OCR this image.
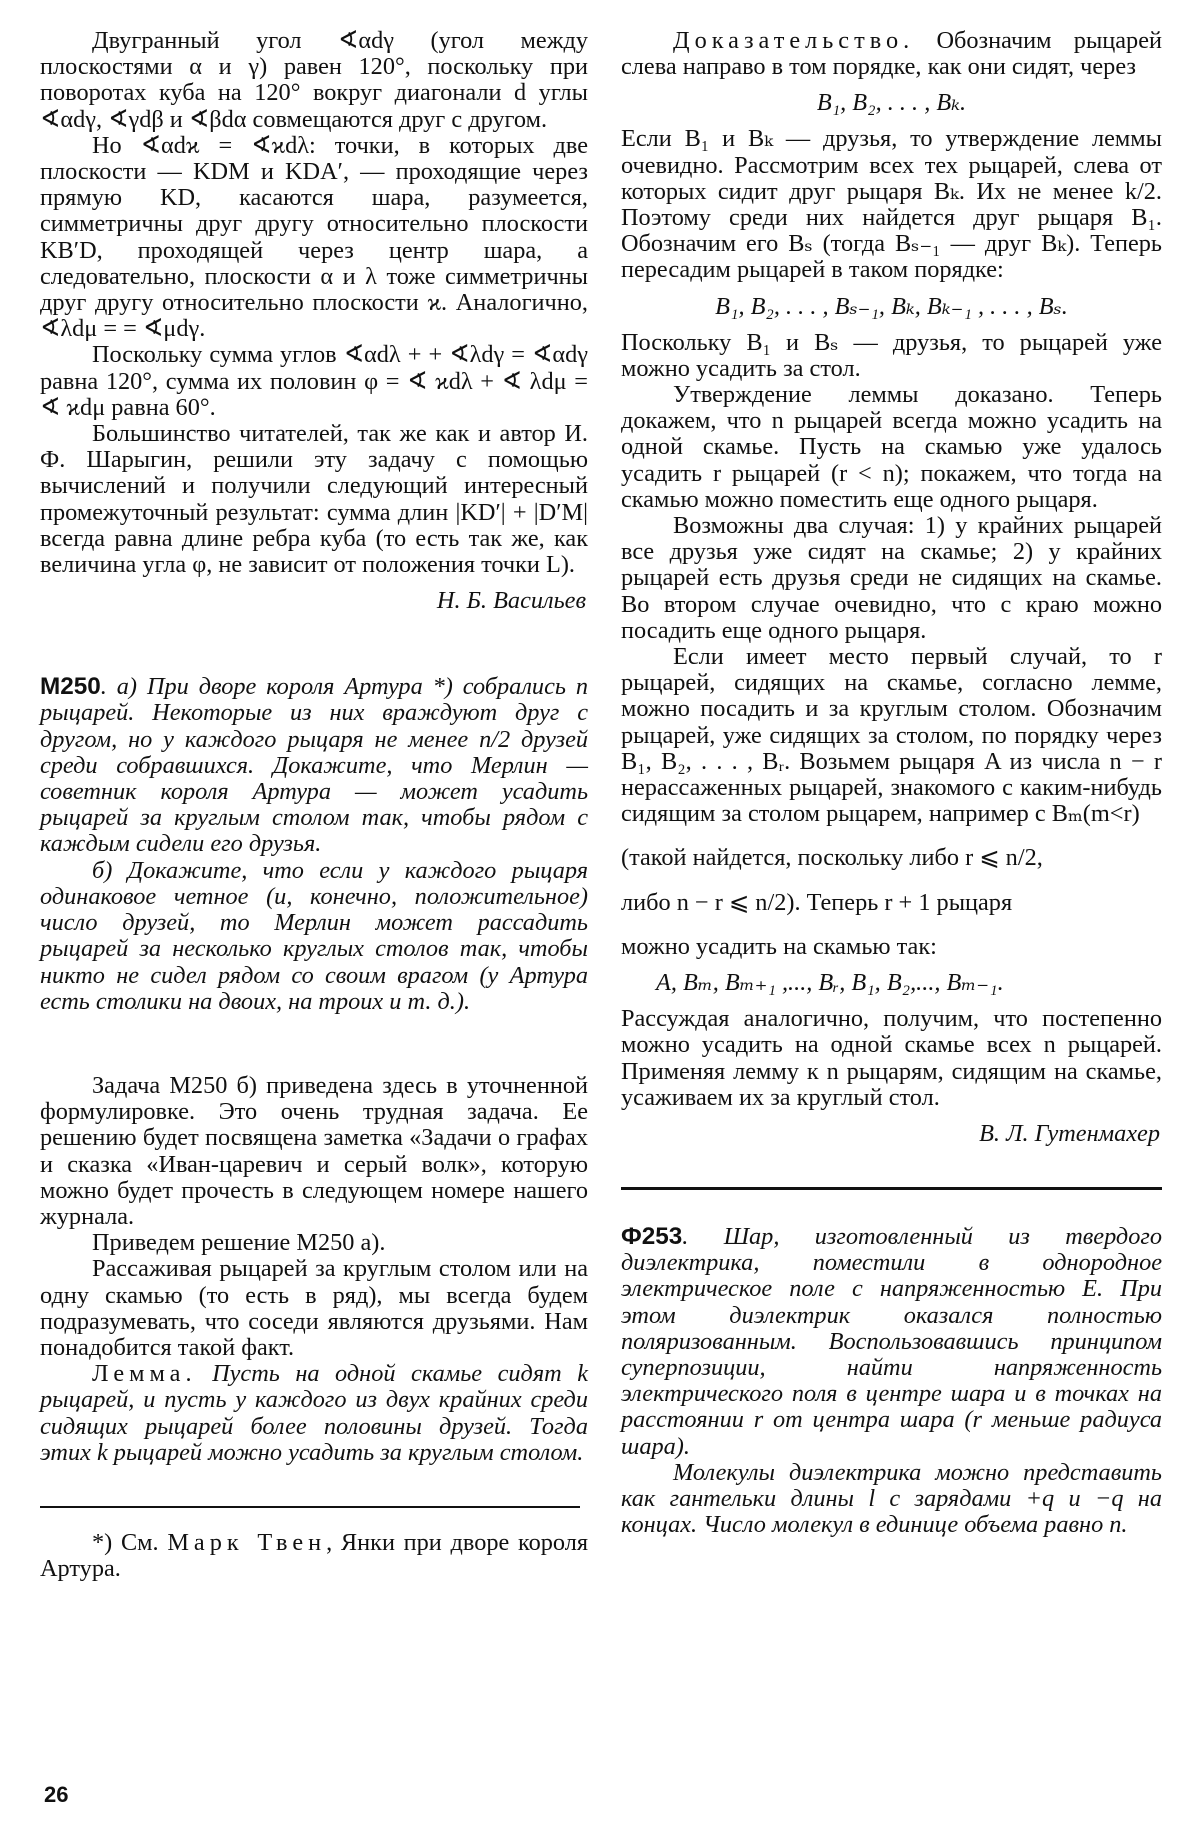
Двугранный угол ∢αdγ (угол между плоскостями α и γ) равен 120°, поскольку при поворотах куба на 120° вокруг диагонали d углы ∢αdγ, ∢γdβ и ∢βdα совмещаются друг с другом.

Но ∢αdϰ = ∢ϰdλ: точки, в которых две плоскости — KDM и KDA′, — проходящие через прямую KD, касаются шара, разумеется, симметричны друг другу относительно плоскости KB′D, проходящей через центр шара, а следовательно, плоскости α и λ тоже симметричны друг другу относительно плоскости ϰ. Аналогично, ∢λdμ = = ∢μdγ.

Поскольку сумма углов ∢αdλ + + ∢λdγ = ∢αdγ равна 120°, сумма их половин φ = ∢ ϰdλ + ∢ λdμ = ∢ ϰdμ равна 60°.

Большинство читателей, так же как и автор И. Ф. Шарыгин, решили эту задачу с помощью вычислений и получили следующий интересный промежуточный результат: сумма длин |KD′| + |D′M| всегда равна длине ребра куба (то есть так же, как величина угла φ, не зависит от положения точки L).

Н. Б. Васильев

М250. а) При дворе короля Артура *) собрались n рыцарей. Некоторые из них враждуют друг с другом, но у каждого рыцаря не менее n/2 друзей среди собравшихся. Докажите, что Мерлин — советник короля Артура — может усадить рыцарей за круглым столом так, чтобы рядом с каждым сидели его друзья.

б) Докажите, что если у каждого рыцаря одинаковое четное (и, конечно, положительное) число друзей, то Мерлин может рассадить рыцарей за несколько круглых столов так, чтобы никто не сидел рядом со своим врагом (у Артура есть столики на двоих, на троих и т. д.).

Задача М250 б) приведена здесь в уточненной формулировке. Это очень трудная задача. Ее решению будет посвящена заметка «Задачи о графах и сказка «Иван-царевич и серый волк», которую можно будет прочесть в следующем номере нашего журнала.

Приведем решение М250 а).

Рассаживая рыцарей за круглым столом или на одну скамью (то есть в ряд), мы всегда будем подразумевать, что соседи являются друзьями. Нам понадобится такой факт.

Лемма. Пусть на одной скамье сидят k рыцарей, и пусть у каждого из двух крайних среди сидящих рыцарей более половины друзей. Тогда этих k рыцарей можно усадить за круглым столом.

*) См. Марк Твен, Янки при дворе короля Артура.

Доказательство. Обозначим рыцарей слева направо в том порядке, как они сидят, через

B₁, B₂, . . . , Bₖ.

Если B₁ и Bₖ — друзья, то утверждение леммы очевидно. Рассмотрим всех тех рыцарей, слева от которых сидит друг рыцаря Bₖ. Их не менее k/2. Поэтому среди них найдется друг рыцаря B₁. Обозначим его Bₛ (тогда Bₛ₋₁ — друг Bₖ). Теперь пересадим рыцарей в таком порядке:

B₁, B₂, . . . , Bₛ₋₁, Bₖ, Bₖ₋₁ , . . . , Bₛ.

Поскольку B₁ и Bₛ — друзья, то рыцарей уже можно усадить за стол.

Утверждение леммы доказано. Теперь докажем, что n рыцарей всегда можно усадить на одной скамье. Пусть на скамью уже удалось усадить r рыцарей (r < n); покажем, что тогда на скамью можно поместить еще одного рыцаря.

Возможны два случая: 1) у крайних рыцарей все друзья уже сидят на скамье; 2) у крайних рыцарей есть друзья среди не сидящих на скамье. Во втором случае очевидно, что с краю можно посадить еще одного рыцаря.

Если имеет место первый случай, то r рыцарей, сидящих на скамье, согласно лемме, можно посадить и за круглым столом. Обозначим рыцарей, уже сидящих за столом, по порядку через B₁, B₂, . . . , Bᵣ. Возьмем рыцаря A из числа n − r нерассаженных рыцарей, знакомого с каким-нибудь сидящим за столом рыцарем, например с Bₘ(m<r)

(такой найдется, поскольку либо r ⩽ n/2,

либо n − r ⩽ n/2). Теперь r + 1 рыцаря

можно усадить на скамью так:

A, Bₘ, Bₘ₊₁ ,..., Bᵣ, B₁, B₂,..., Bₘ₋₁.

Рассуждая аналогично, получим, что постепенно можно усадить на одной скамье всех n рыцарей. Применяя лемму к n рыцарям, сидящим на скамье, усаживаем их за круглый стол.

В. Л. Гутенмахер

Ф253. Шар, изготовленный из твердого диэлектрика, поместили в однородное электрическое поле с напряженностью E. При этом диэлектрик оказался полностью поляризованным. Воспользовавшись принципом суперпозиции, найти напряженность электрического поля в центре шара и в точках на расстоянии r от центра шара (r меньше радиуса шара).

Молекулы диэлектрика можно представить как гантельки длины l с зарядами +q и −q на концах. Число молекул в единице объема равно n.

26
